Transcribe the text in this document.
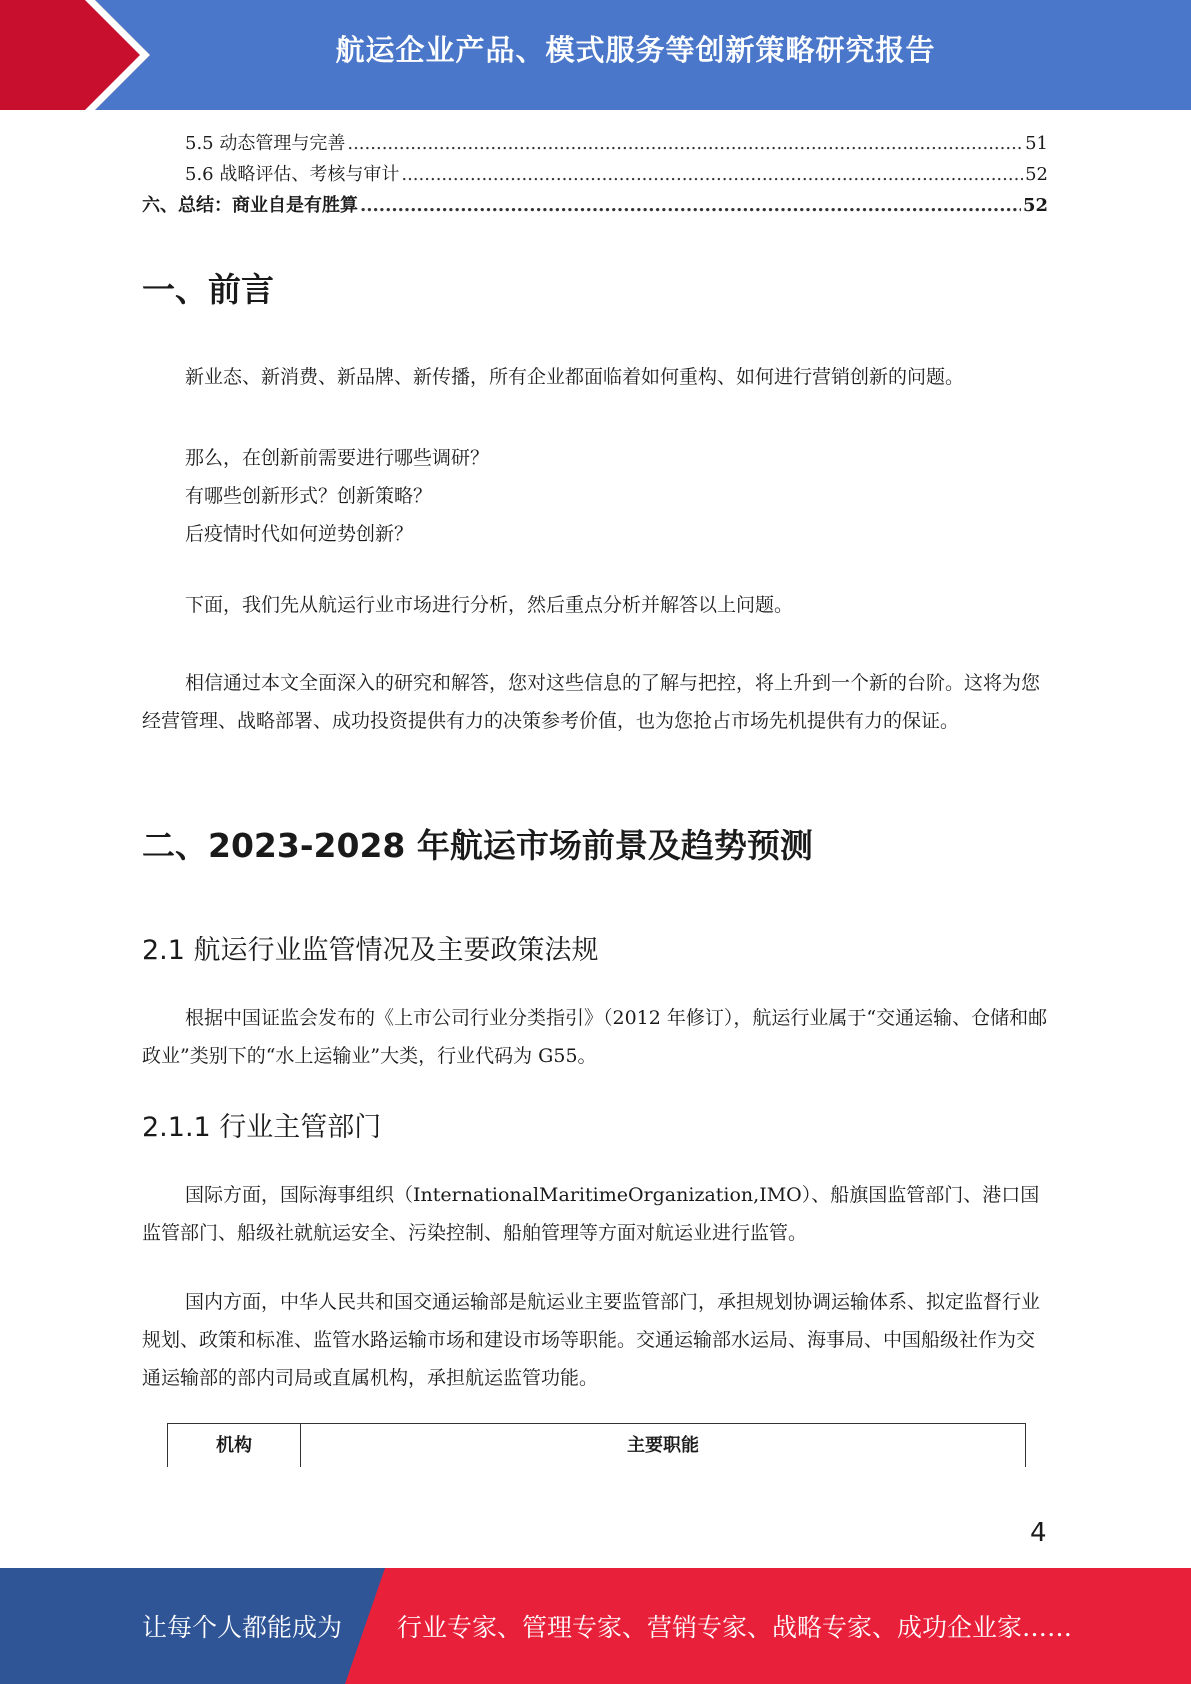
航运企业产品、模式服务等创新策略研究报告
5.5 动态管理与完善 .....	51
5.6 战略评估、考核与审计 .....	52
六、总结：商业自是有胜算 .....	52
一、前言

新业态、新消费、新品牌、新传播，所有企业都面临着如何重构、如何进行营销创新的问题。

那么，在创新前需要进行哪些调研？

有哪些创新形式？创新策略？

后疫情时代如何逆势创新？

下面，我们先从航运行业市场进行分析，然后重点分析并解答以上问题。

相信通过本文全面深入的研究和解答，您对这些信息的了解与把控，将上升到一个新的台阶。这将为您经营管理、战略部署、成功投资提供有力的决策参考价值，也为您抢占市场先机提供有力的保证。

二、2023-2028 年航运市场前景及趋势预测
2.1 航运行业监管情况及主要政策法规

根据中国证监会发布的《上市公司行业分类指引》（2012 年修订），航运行业属于“交通运输、仓储和邮政业”类别下的“水上运输业”大类，行业代码为 G55。

2.1.1 行业主管部门

国际方面，国际海事组织（InternationalMaritimeOrganization,IMO）、船旗国监管部门、港口国监管部门、船级社就航运安全、污染控制、船舶管理等方面对航运业进行监管。

国内方面，中华人民共和国交通运输部是航运业主要监管部门，承担规划协调运输体系、拟定监督行业规划、政策和标准、监管水路运输市场和建设市场等职能。交通运输部水运局、海事局、中国船级社作为交通运输部的部内司局或直属机构，承担航运监管功能。

机构	主要职能
4
让每个人都能成为 行业专家、管理专家、营销专家、战略专家、成功企业家……
